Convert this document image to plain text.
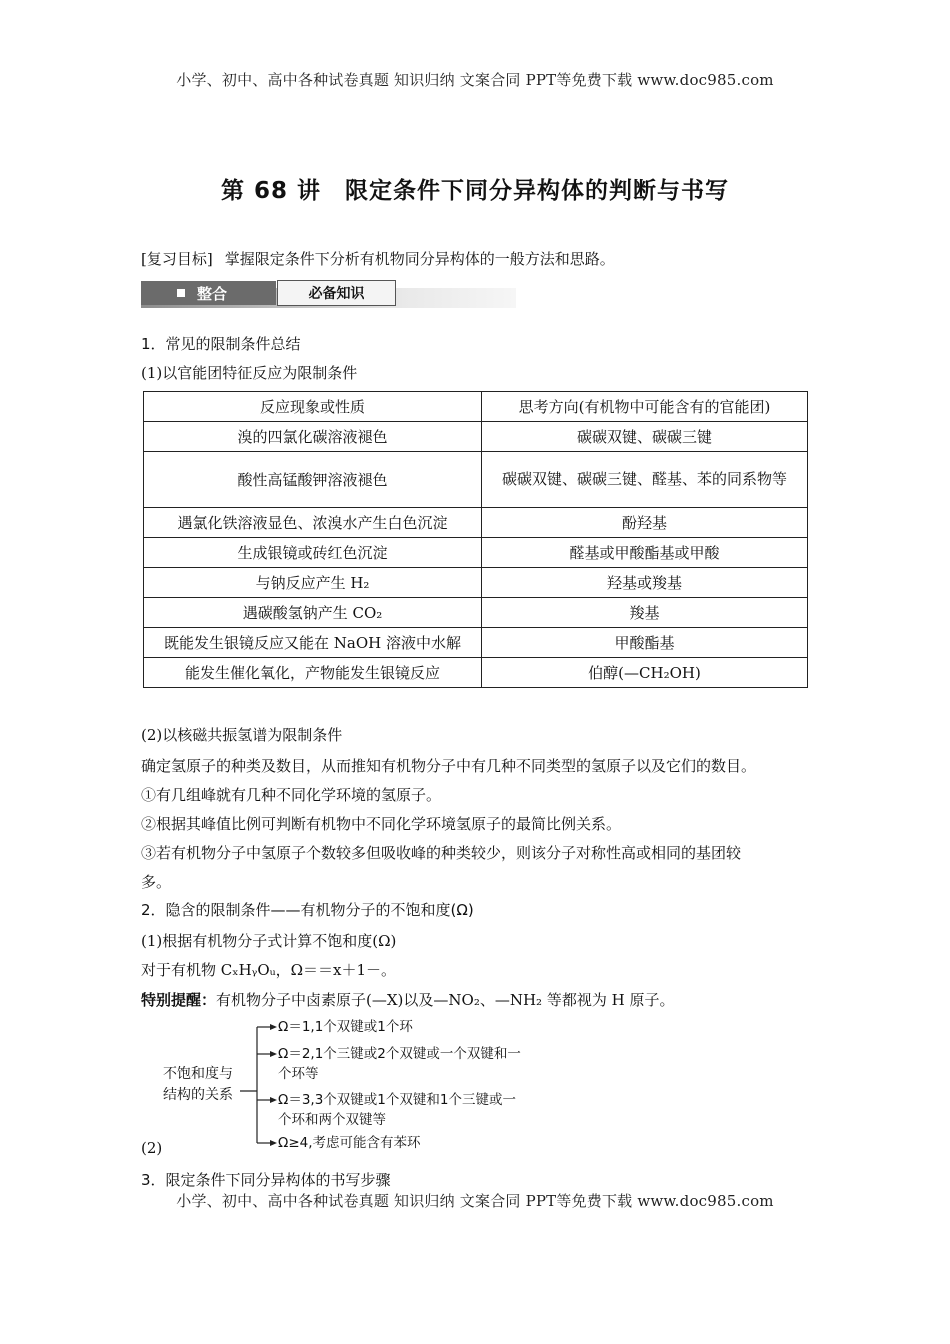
小学、初中、高中各种试卷真题 知识归纳 文案合同 PPT等免费下载 www.doc985.com
第 68 讲　限定条件下同分异构体的判断与书写
[复习目标] 掌握限定条件下分析有机物同分异构体的一般方法和思路。
整合	必备知识
1．常见的限制条件总结
(1)以官能团特征反应为限制条件
反应现象或性质	思考方向(有机物中可能含有的官能团)
溴的四氯化碳溶液褪色	碳碳双键、碳碳三键
酸性高锰酸钾溶液褪色	碳碳双键、碳碳三键、醛基、苯的同系物等

遇氯化铁溶液显色、浓溴水产生白色沉淀	酚羟基
生成银镜或砖红色沉淀	醛基或甲酸酯基或甲酸
与钠反应产生 H₂	羟基或羧基
遇碳酸氢钠产生 CO₂	羧基
既能发生银镜反应又能在 NaOH 溶液中水解	甲酸酯基
能发生催化氧化，产物能发生银镜反应	伯醇(—CH₂OH)
(2)以核磁共振氢谱为限制条件
确定氢原子的种类及数目，从而推知有机物分子中有几种不同类型的氢原子以及它们的数目。
①有几组峰就有几种不同化学环境的氢原子。
②根据其峰值比例可判断有机物中不同化学环境氢原子的最简比例关系。
③若有机物分子中氢原子个数较多但吸收峰的种类较少，则该分子对称性高或相同的基团较
多。
2．隐含的限制条件——有机物分子的不饱和度(Ω)
(1)根据有机物分子式计算不饱和度(Ω)
对于有机物 CₓHᵧOᵤ，Ω＝＝x＋1－。
特别提醒：有机物分子中卤素原子(—X)以及—NO₂、—NH₂ 等都视为 H 原子。
不饱和度与结构的关系
Ω＝1,1个双键或1个环
Ω＝2,1个三键或2个双键或一个双键和一个环等
Ω＝3,3个双键或1个双键和1个三键或一个环和两个双键等
Ω≥4,考虑可能含有苯环
(2)
3．限定条件下同分异构体的书写步骤
小学、初中、高中各种试卷真题 知识归纳 文案合同 PPT等免费下载 www.doc985.com
